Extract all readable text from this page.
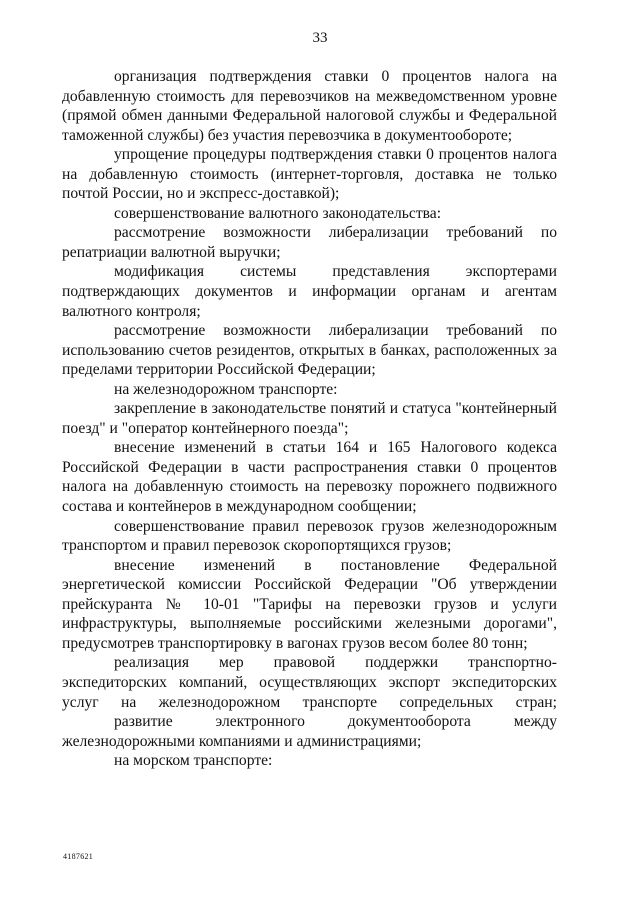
33

организация подтверждения ставки 0 процентов налога на добавленную стоимость для перевозчиков на межведомственном уровне (прямой обмен данными Федеральной налоговой службы и Федеральной таможенной службы) без участия перевозчика в документообороте;

упрощение процедуры подтверждения ставки 0 процентов налога на добавленную стоимость (интернет-торговля, доставка не только почтой России, но и экспресс-доставкой);

совершенствование валютного законодательства:

рассмотрение возможности либерализации требований по репатриации валютной выручки;

модификация системы представления экспортерами подтверждающих документов и информации органам и агентам валютного контроля;

рассмотрение возможности либерализации требований по использованию счетов резидентов, открытых в банках, расположенных за пределами территории Российской Федерации;

на железнодорожном транспорте:

закрепление в законодательстве понятий и статуса "контейнерный поезд" и "оператор контейнерного поезда";

внесение изменений в статьи 164 и 165 Налогового кодекса Российской Федерации в части распространения ставки 0 процентов налога на добавленную стоимость на перевозку порожнего подвижного состава и контейнеров в международном сообщении;

совершенствование правил перевозок грузов железнодорожным транспортом и правил перевозок скоропортящихся грузов;

внесение изменений в постановление Федеральной энергетической комиссии Российской Федерации "Об утверждении прейскуранта № 10-01 "Тарифы на перевозки грузов и услуги инфраструктуры, выполняемые российскими железными дорогами", предусмотрев транспортировку в вагонах грузов весом более 80 тонн;

реализация мер правовой поддержки транспортно-экспедиторских компаний, осуществляющих экспорт экспедиторских услуг на железнодорожном транспорте сопредельных стран;

развитие электронного документооборота между железнодорожными компаниями и администрациями;

на морском транспорте:

4187621
